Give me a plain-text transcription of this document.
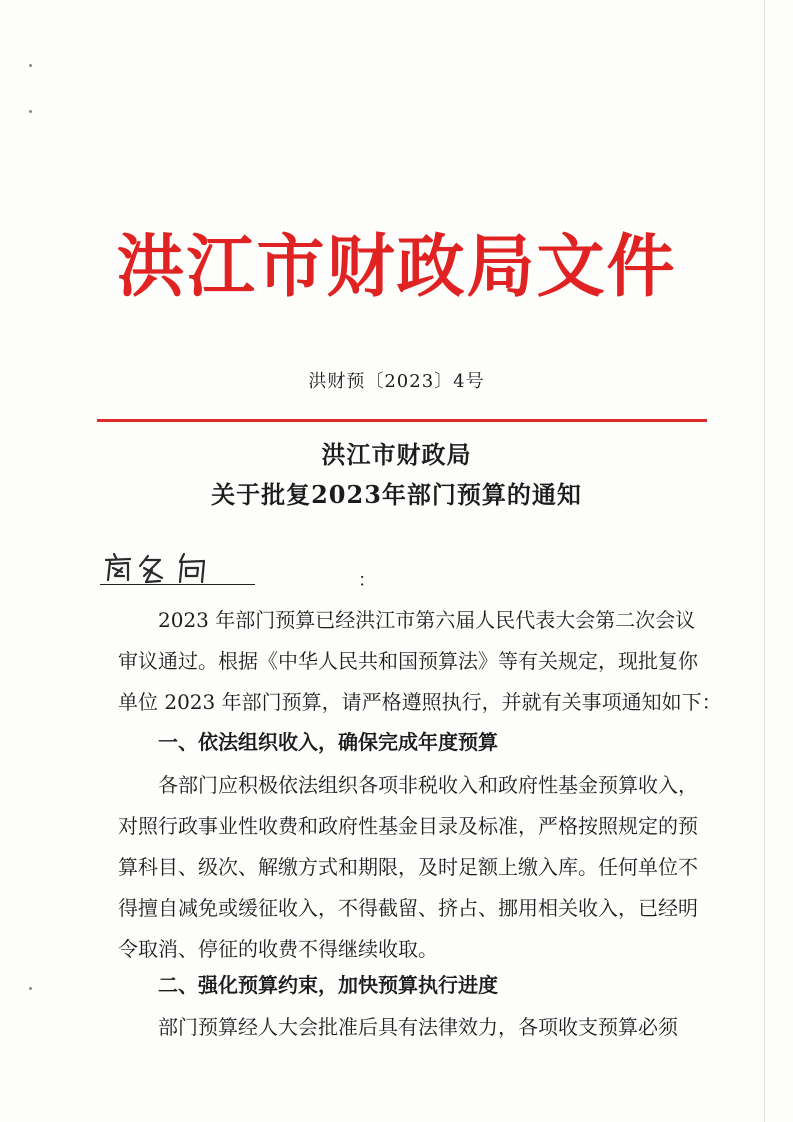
洪江市财政局文件
洪财预〔2023〕4号
洪江市财政局
关于批复2023年部门预算的通知
：
2023 年部门预算已经洪江市第六届人民代表大会第二次会议
审议通过。根据《中华人民共和国预算法》等有关规定，现批复你
单位 2023 年部门预算，请严格遵照执行，并就有关事项通知如下：
一、依法组织收入，确保完成年度预算
各部门应积极依法组织各项非税收入和政府性基金预算收入，
对照行政事业性收费和政府性基金目录及标准，严格按照规定的预
算科目、级次、解缴方式和期限，及时足额上缴入库。任何单位不
得擅自减免或缓征收入，不得截留、挤占、挪用相关收入，已经明
令取消、停征的收费不得继续收取。
二、强化预算约束，加快预算执行进度
部门预算经人大会批准后具有法律效力，各项收支预算必须
